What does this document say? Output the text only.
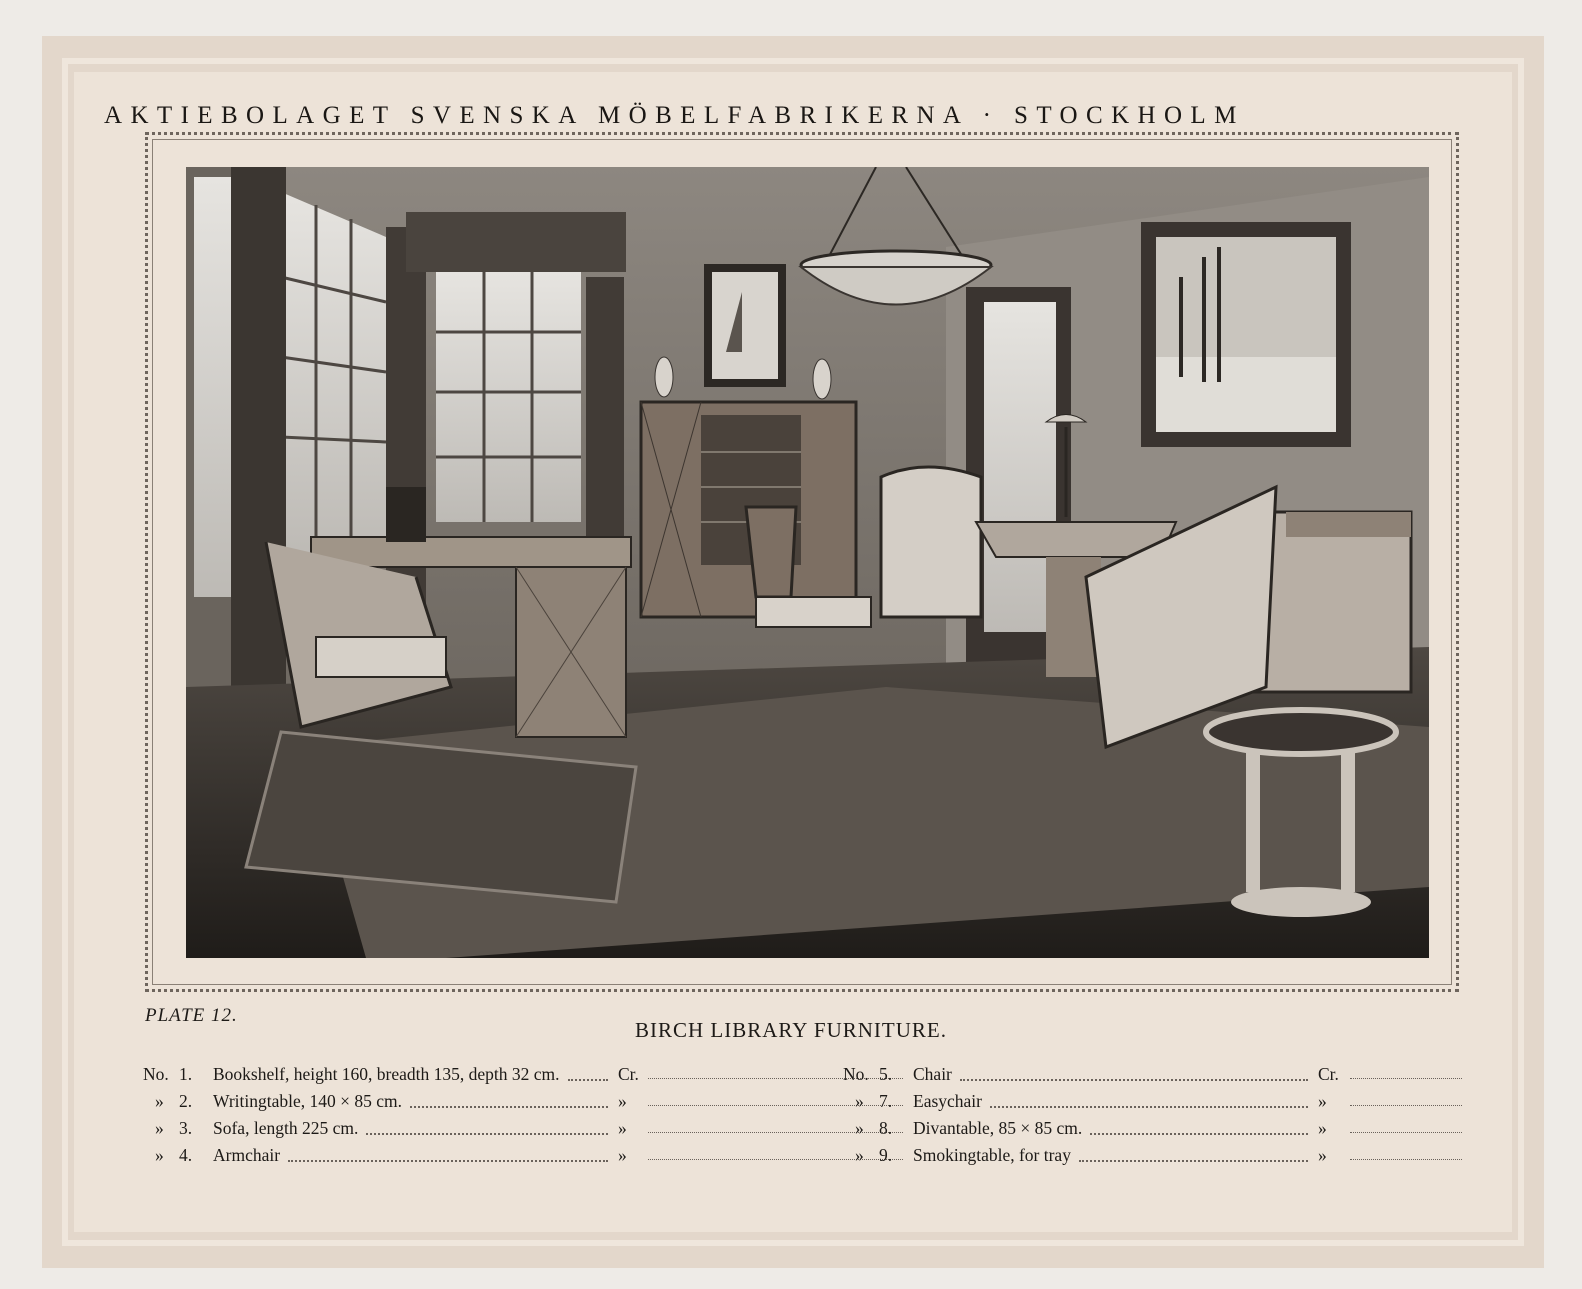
AKTIEBOLAGET SVENSKA MÖBELFABRIKERNA · STOCKHOLM
PLATE 12.
BIRCH LIBRARY FURNITURE.
No. 1. Bookshelf, height 160, breadth 135, depth 32 cm.	Cr.
» 2. Writingtable, 140 × 85 cm.	»
» 3. Sofa, length 225 cm.	»
» 4. Armchair	»
No. 5. Chair	Cr.
» 7. Easychair	»
» 8. Divantable, 85 × 85 cm.	»
» 9. Smokingtable, for tray	»
